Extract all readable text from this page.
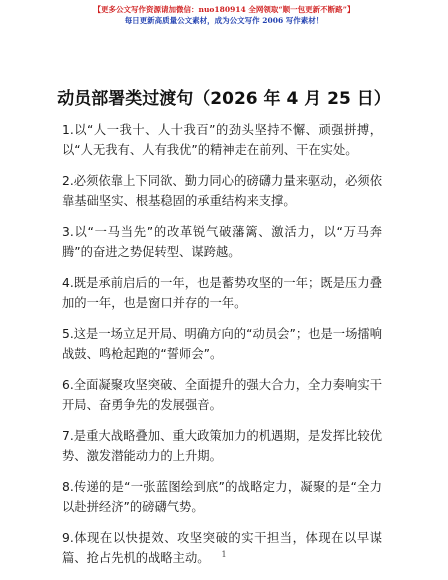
【更多公文写作资源请加微信：nuo180914 全网领取“顺一包更新不断路”】
每日更新高质量公文素材，成为公文写作 2006 写作素材！
动员部署类过渡句（2026 年 4 月 25 日）

1.以“人一我十、人十我百”的劲头坚持不懈、顽强拼搏，以“人无我有、人有我优”的精神走在前列、干在实处。

2.必须依靠上下同欲、勤力同心的磅礴力量来驱动，必须依靠基础坚实、根基稳固的承重结构来支撑。

3.以“一马当先”的改革锐气破藩篱、激活力，以“万马奔腾”的奋进之势促转型、谋跨越。

4.既是承前启后的一年，也是蓄势攻坚的一年；既是压力叠加的一年，也是窗口并存的一年。

5.这是一场立足开局、明确方向的“动员会”；也是一场擂响战鼓、鸣枪起跑的“誓师会”。

6.全面凝聚攻坚突破、全面提升的强大合力，全力奏响实干开局、奋勇争先的发展强音。

7.是重大战略叠加、重大政策加力的机遇期，是发挥比较优势、激发潜能动力的上升期。

8.传递的是“一张蓝图绘到底”的战略定力，凝聚的是“全力以赴拼经济”的磅礴气势。

9.体现在以快提效、攻坚突破的实干担当，体现在以早谋篇、抢占先机的战略主动。	1
